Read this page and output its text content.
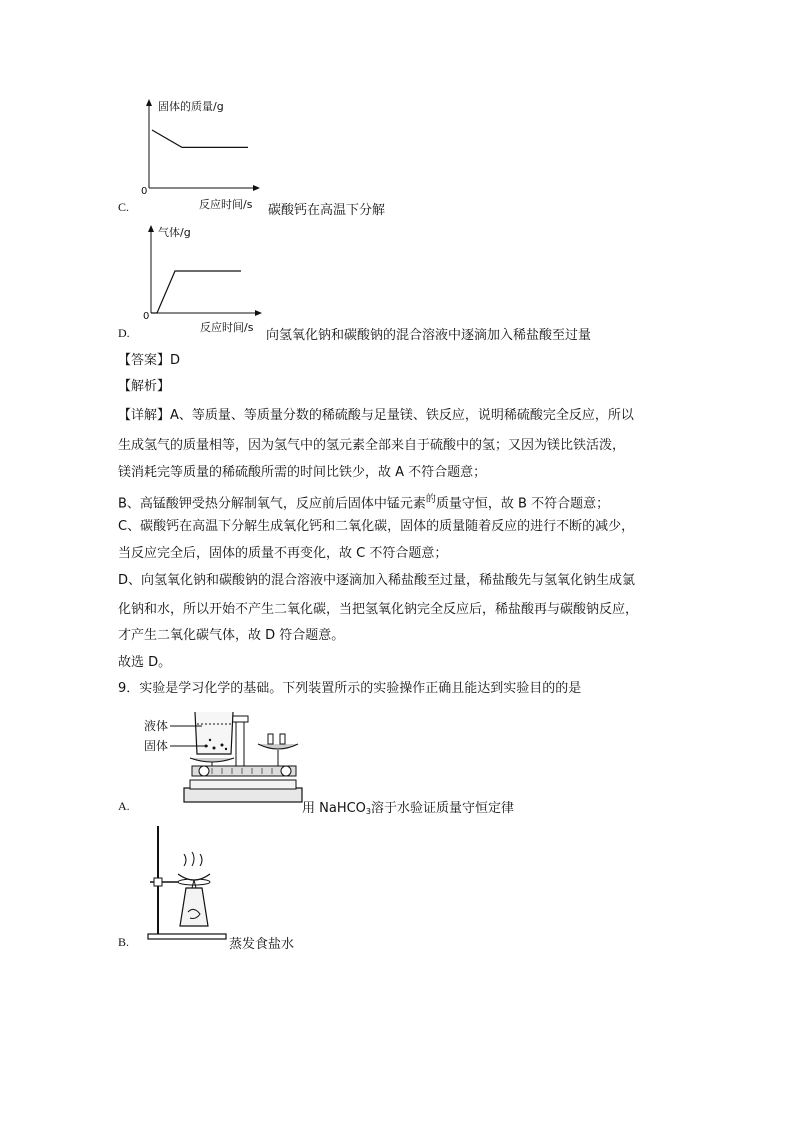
固体的质量/g
0
反应时间/s
C.	碳酸钙在高温下分解
气体/g
0
反应时间/s
D.	向氢氧化钠和碳酸钠的混合溶液中逐滴加入稀盐酸至过量
【答案】D
【解析】
【详解】A、等质量、等质量分数的稀硫酸与足量镁、铁反应，说明稀硫酸完全反应，所以
生成氢气的质量相等，因为氢气中的氢元素全部来自于硫酸中的氢；又因为镁比铁活泼，
镁消耗完等质量的稀硫酸所需的时间比铁少，故 A 不符合题意；
B、高锰酸钾受热分解制氧气，反应前后固体中锰元素$^的$质量守恒，故 B 不符合题意；
C、碳酸钙在高温下分解生成氧化钙和二氧化碳，固体的质量随着反应的进行不断的减少，
当反应完全后，固体的质量不再变化，故 C 不符合题意；
D、向氢氧化钠和碳酸钠的混合溶液中逐滴加入稀盐酸至过量，稀盐酸先与氢氧化钠生成氯
化钠和水，所以开始不产生二氧化碳，当把氢氧化钠完全反应后，稀盐酸再与碳酸钠反应，
才产生二氧化碳气体，故 D 符合题意。
故选 D。
9．实验是学习化学的基础。下列装置所示的实验操作正确且能达到实验目的的是
液体
固体
A.	用 NaHCO$_3$溶于水验证质量守恒定律
B.	蒸发食盐水
